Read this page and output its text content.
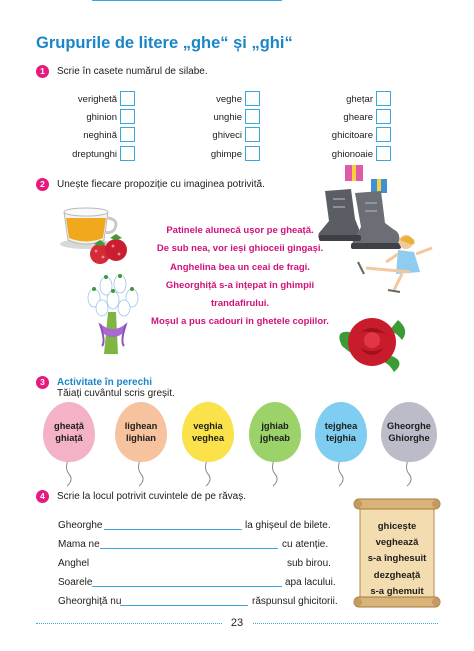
Grupurile de litere „ghe“ și „ghi“
1	Scrie în casete numărul de silabe.
verighetă
ghinion
neghină
dreptunghi
veghe
unghie
ghiveci
ghimpe
ghețar
gheare
ghicitoare
ghionoaie
2	Unește fiecare propoziție cu imaginea potrivită.
Patinele alunecă ușor pe gheață.
De sub nea, vor ieși ghioceii gingași.
Anghelina bea un ceai de fragi.
Gheorghiță s-a înțepat în ghimpii
trandafirului.
Moșul a pus cadouri în ghetele copiilor.
3	Activitate în perechi
Tăiați cuvântul scris greșit.
gheață
ghiață
lighean
lighian
veghia
veghea
jghiab
jgheab
tejghea
tejghia
Gheorghe
Ghiorghe
4	Scrie la locul potrivit cuvintele de pe răvaș.
Gheorghe	la ghișeul de bilete.
Mama ne	cu atenție.
Anghel	sub birou.
Soarele	apa lacului.
Gheorghiță nu	răspunsul ghicitorii.
ghicește
veghează
s-a înghesuit
dezgheață
s-a ghemuit
23
